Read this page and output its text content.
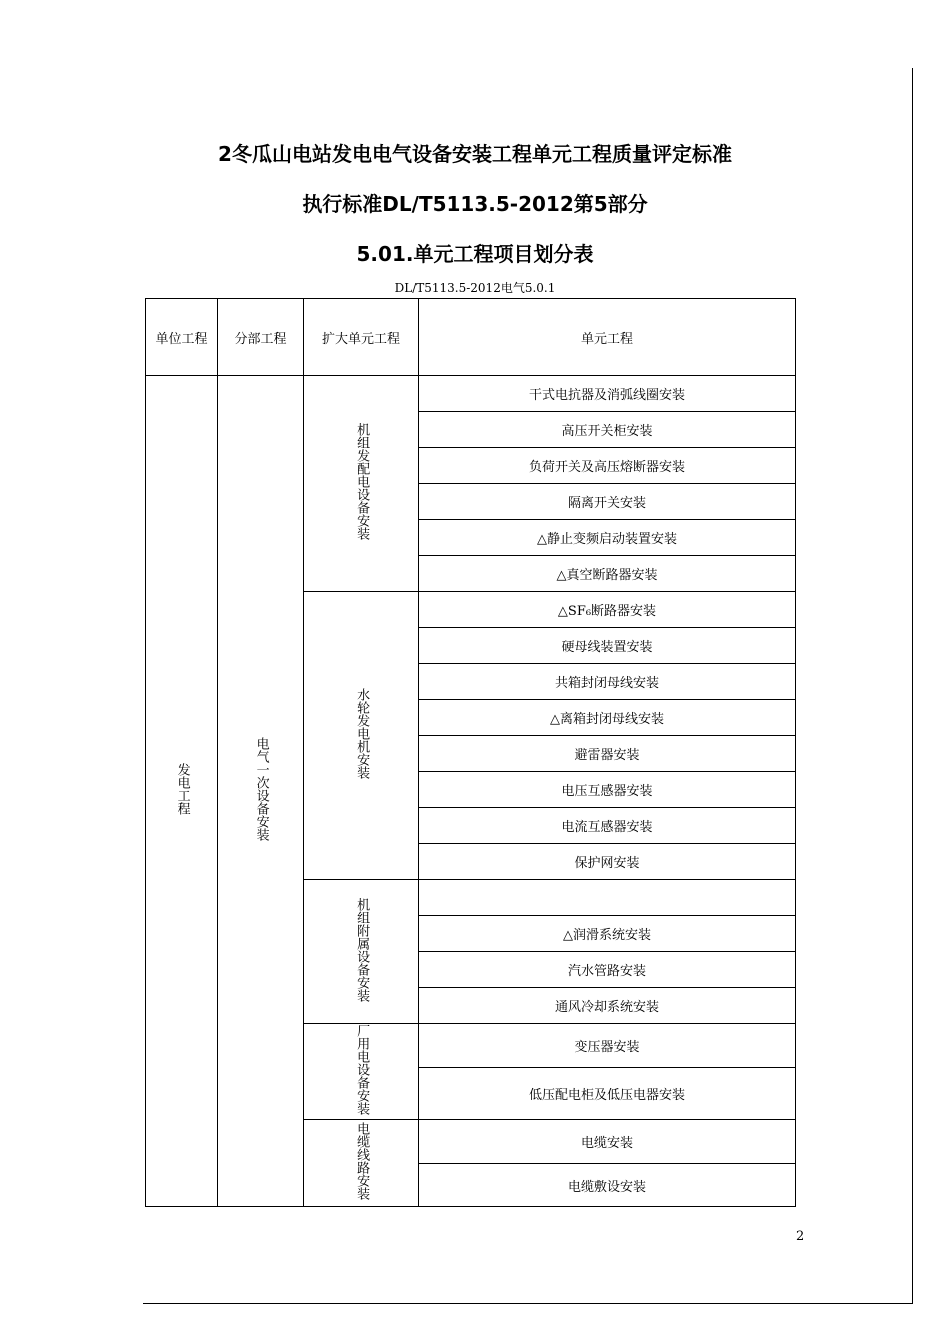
2冬瓜山电站发电电气设备安装工程单元工程质量评定标准
执行标准DL/T5113.5-2012第5部分
5.01.单元工程项目划分表
DL/T5113.5-2012电气5.0.1
单位工程	分部工程	扩大单元工程	单元工程
发电工程	电气一次设备安装	机组发配电设备安装	干式电抗器及消弧线圈安装
			高压开关柜安装
			负荷开关及高压熔断器安装
			隔离开关安装
			△静止变频启动装置安装
			△真空断路器安装
		水轮发电机安装	△SF₆断路器安装
			硬母线装置安装
			共箱封闭母线安装
			△离箱封闭母线安装
			避雷器安装
			电压互感器安装
			电流互感器安装
			保护网安装
		机组附属设备安装	
			△润滑系统安装
			汽水管路安装
			通风冷却系统安装
		厂用电设备安装	变压器安装
			低压配电柜及低压电器安装
		电缆线路安装	电缆安装
			电缆敷设安装
2
